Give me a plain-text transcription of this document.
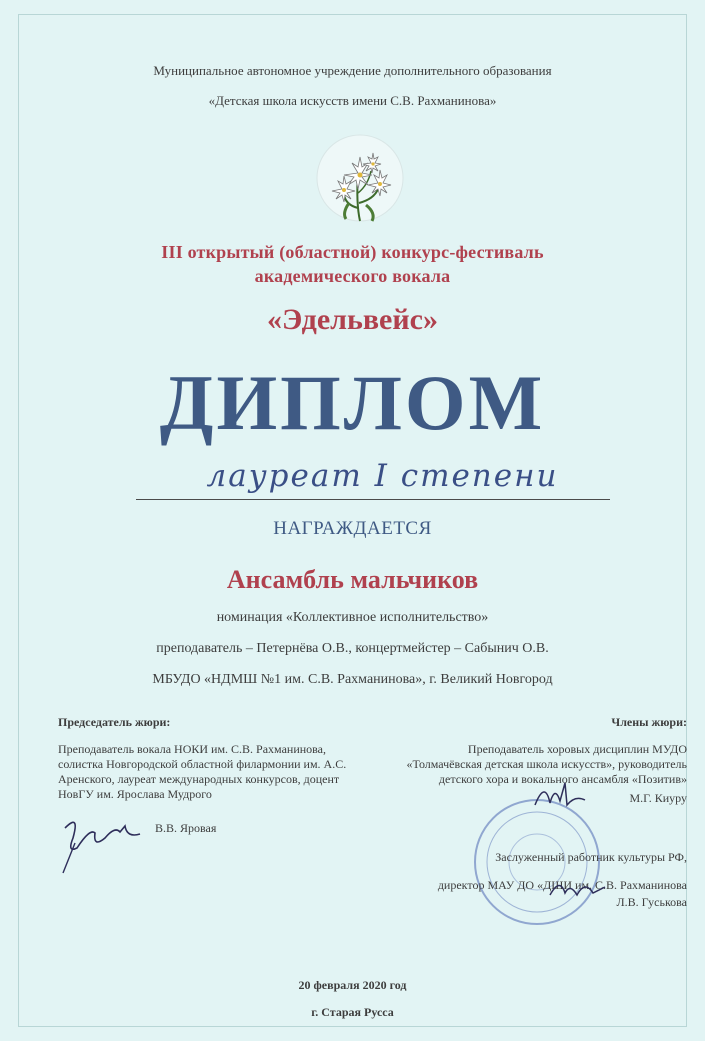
Муниципальное автономное учреждение дополнительного образования
«Детская школа искусств имени С.В. Рахманинова»
III открытый (областной) конкурс-фестиваль
академического вокала
«Эдельвейс»
ДИПЛОМ
лауреат I степени
НАГРАЖДАЕТСЯ
Ансамбль мальчиков
номинация «Коллективное исполнительство»
преподаватель – Петернёва О.В., концертмейстер – Сабынич О.В.
МБУДО «НДМШ №1 им. С.В. Рахманинова», г. Великий Новгород
Председатель жюри:
Преподаватель вокала НОКИ им. С.В. Рахманинова,
солистка Новгородской областной филармонии им. А.С.
Аренского, лауреат международных конкурсов, доцент
НовГУ им. Ярослава Мудрого
В.В. Яровая
Члены жюри:
Преподаватель хоровых дисциплин МУДО
«Толмачёвская детская школа искусств», руководитель
детского хора и вокального ансамбля «Позитив»
М.Г. Киуру
Заслуженный работник культуры РФ,
директор МАУ ДО «ДШИ им. С.В. Рахманинова
Л.В. Гуськова
20 февраля 2020 год
г. Старая Русса
